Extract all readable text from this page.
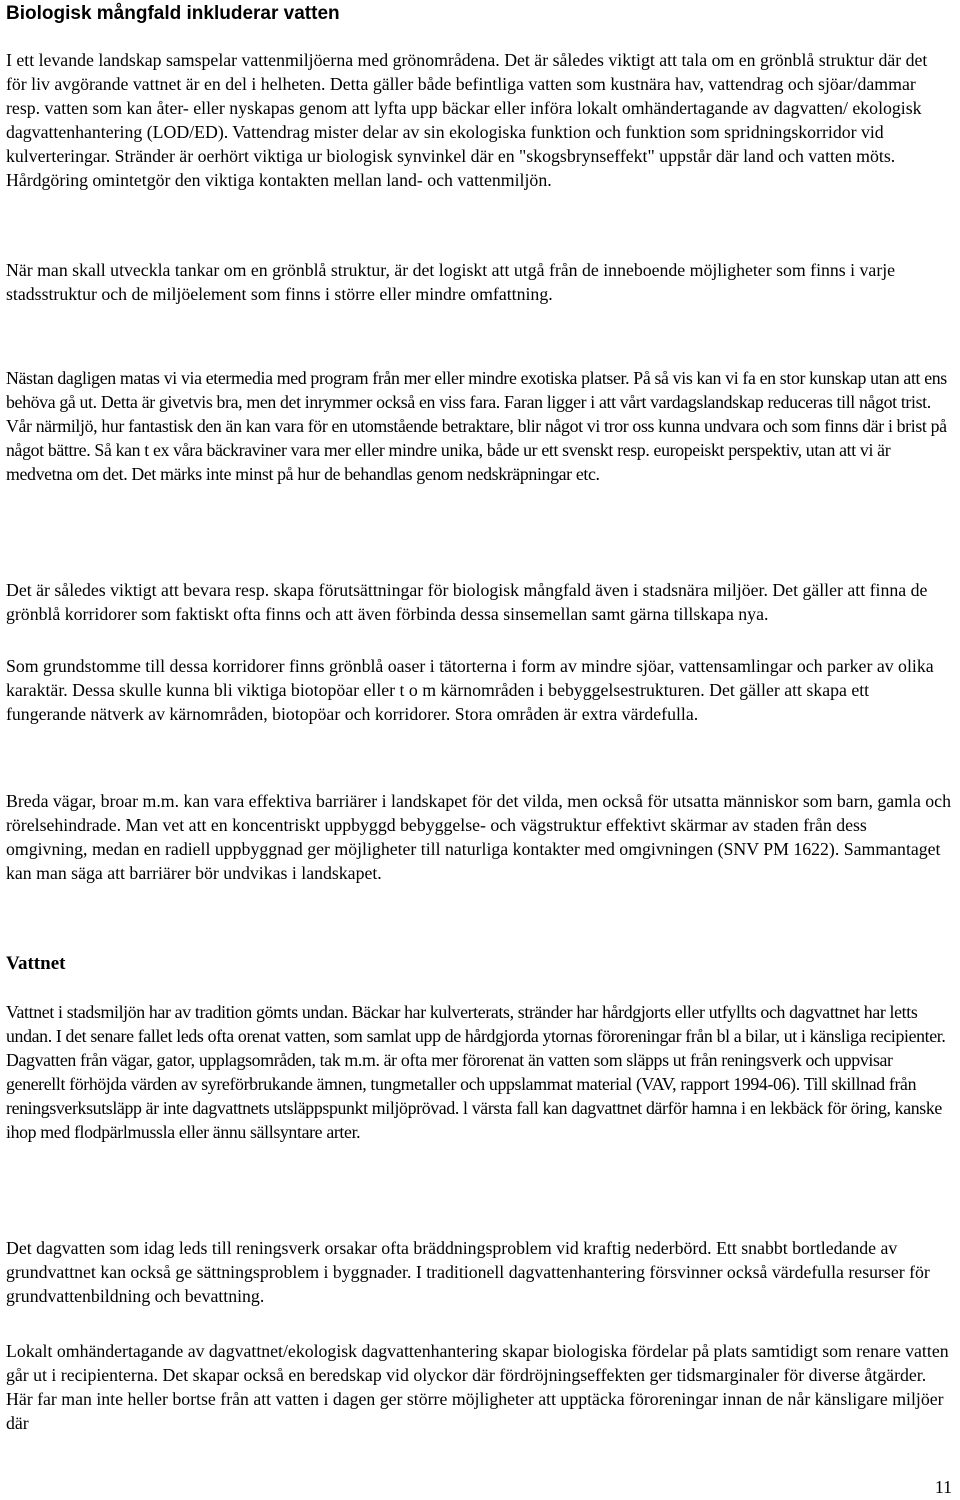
Biologisk mångfald inkluderar vatten

I ett levande landskap samspelar vattenmiljöerna med grönområdena. Det är således viktigt att tala om en grönblå struktur där det för liv avgörande vattnet är en del i helheten. Detta gäller både befintliga vatten som kustnära hav, vattendrag och sjöar/dammar resp. vatten som kan åter- eller nyskapas genom att lyfta upp bäckar eller införa lokalt omhändertagande av dagvatten/ ekologisk dagvattenhantering (LOD/ED). Vattendrag mister delar av sin ekologiska funktion och funktion som spridningskorridor vid kulverteringar. Stränder är oerhört viktiga ur biologisk synvinkel där en "skogsbrynseffekt" uppstår där land och vatten möts. Hårdgöring omintetgör den viktiga kontakten mellan land- och vattenmiljön.

När man skall utveckla tankar om en grönblå struktur, är det logiskt att utgå från de inneboende möjligheter som finns i varje stadsstruktur och de miljöelement som finns i större eller mindre omfattning.

Nästan dagligen matas vi via etermedia med program från mer eller mindre exotiska platser. På så vis kan vi fa en stor kunskap utan att ens behöva gå ut. Detta är givetvis bra, men det inrymmer också en viss fara. Faran ligger i att vårt vardagslandskap reduceras till något trist. Vår närmiljö, hur fantastisk den än kan vara för en utomstående betraktare, blir något vi tror oss kunna undvara och som finns där i brist på något bättre. Så kan t ex våra bäckraviner vara mer eller mindre unika, både ur ett svenskt resp. europeiskt perspektiv, utan att vi är medvetna om det. Det märks inte minst på hur de behandlas genom nedskräpningar etc.

Det är således viktigt att bevara resp. skapa förutsättningar för biologisk mångfald även i stadsnära miljöer. Det gäller att finna de grönblå korridorer som faktiskt ofta finns och att även förbinda dessa sinsemellan samt gärna tillskapa nya.

Som grundstomme till dessa korridorer finns grönblå oaser i tätorterna i form av mindre sjöar, vattensamlingar och parker av olika karaktär. Dessa skulle kunna bli viktiga biotopöar eller t o m kärnområden i bebyggelsestrukturen. Det gäller att skapa ett fungerande nätverk av kärnområden, biotopöar och korridorer. Stora områden är extra värdefulla.

Breda vägar, broar m.m. kan vara effektiva barriärer i landskapet för det vilda, men också för utsatta människor som barn, gamla och rörelsehindrade. Man vet att en koncentriskt uppbyggd bebyggelse- och vägstruktur effektivt skärmar av staden från dess omgivning, medan en radiell uppbyggnad ger möjligheter till naturliga kontakter med omgivningen (SNV PM 1622). Sammantaget kan man säga att barriärer bör undvikas i landskapet.

Vattnet

Vattnet i stadsmiljön har av tradition gömts undan. Bäckar har kulverterats, stränder har hårdgjorts eller utfyllts och dagvattnet har letts undan. I det senare fallet leds ofta orenat vatten, som samlat upp de hårdgjorda ytornas föroreningar från bl a bilar, ut i känsliga recipienter. Dagvatten från vägar, gator, upplagsområden, tak m.m. är ofta mer förorenat än vatten som släpps ut från reningsverk och uppvisar generellt förhöjda värden av syreförbrukande ämnen, tungmetaller och uppslammat material (VAV, rapport 1994-06). Till skillnad från reningsverksutsläpp är inte dagvattnets utsläppspunkt miljöprövad. l värsta fall kan dagvattnet därför hamna i en lekbäck för öring, kanske ihop med flodpärlmussla eller ännu sällsyntare arter.

Det dagvatten som idag leds till reningsverk orsakar ofta bräddningsproblem vid kraftig nederbörd. Ett snabbt bortledande av grundvattnet kan också ge sättningsproblem i byggnader. I traditionell dagvattenhantering försvinner också värdefulla resurser för grundvattenbildning och bevattning.

Lokalt omhändertagande av dagvattnet/ekologisk dagvattenhantering skapar biologiska fördelar på plats samtidigt som renare vatten går ut i recipienterna. Det skapar också en beredskap vid olyckor där fördröjningseffekten ger tidsmarginaler för diverse åtgärder. Här far man inte heller bortse från att vatten i dagen ger större möjligheter att upptäcka föroreningar innan de når känsligare miljöer där

11
